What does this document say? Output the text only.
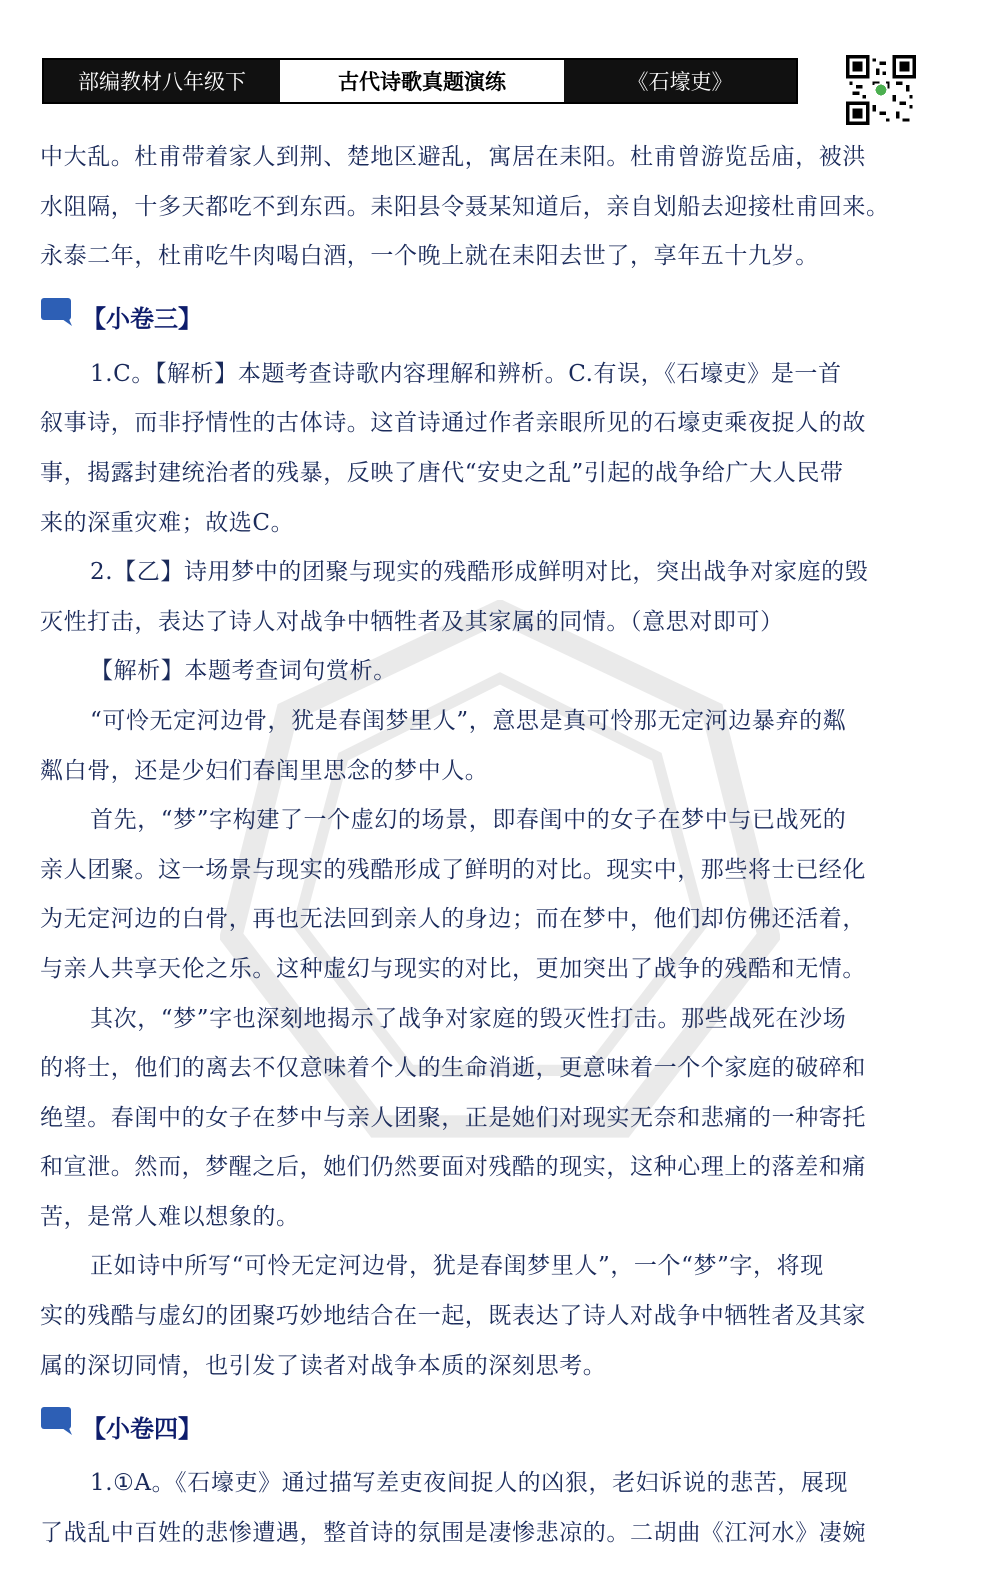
部编教材八年级下	古代诗歌真题演练	《石壕吏》
中大乱。杜甫带着家人到荆、楚地区避乱，寓居在耒阳。杜甫曾游览岳庙，被洪
水阻隔，十多天都吃不到东西。耒阳县令聂某知道后，亲自划船去迎接杜甫回来。
永泰二年，杜甫吃牛肉喝白酒，一个晚上就在耒阳去世了，享年五十九岁。
【小卷三】
1.C。【解析】本题考查诗歌内容理解和辨析。C.有误，《石壕吏》是一首
叙事诗，而非抒情性的古体诗。这首诗通过作者亲眼所见的石壕吏乘夜捉人的故
事，揭露封建统治者的残暴，反映了唐代“安史之乱”引起的战争给广大人民带
来的深重灾难；故选C。
2.【乙】诗用梦中的团聚与现实的残酷形成鲜明对比，突出战争对家庭的毁
灭性打击，表达了诗人对战争中牺牲者及其家属的同情。（意思对即可）
【解析】本题考查词句赏析。
“可怜无定河边骨，犹是春闺梦里人”，意思是真可怜那无定河边暴弃的粼
粼白骨，还是少妇们春闺里思念的梦中人。
首先，“梦”字构建了一个虚幻的场景，即春闺中的女子在梦中与已战死的
亲人团聚。这一场景与现实的残酷形成了鲜明的对比。现实中，那些将士已经化
为无定河边的白骨，再也无法回到亲人的身边；而在梦中，他们却仿佛还活着，
与亲人共享天伦之乐。这种虚幻与现实的对比，更加突出了战争的残酷和无情。
其次，“梦”字也深刻地揭示了战争对家庭的毁灭性打击。那些战死在沙场
的将士，他们的离去不仅意味着个人的生命消逝，更意味着一个个家庭的破碎和
绝望。春闺中的女子在梦中与亲人团聚，正是她们对现实无奈和悲痛的一种寄托
和宣泄。然而，梦醒之后，她们仍然要面对残酷的现实，这种心理上的落差和痛
苦，是常人难以想象的。
正如诗中所写“可怜无定河边骨，犹是春闺梦里人”，一个“梦”字，将现
实的残酷与虚幻的团聚巧妙地结合在一起，既表达了诗人对战争中牺牲者及其家
属的深切同情，也引发了读者对战争本质的深刻思考。
【小卷四】
1.①A。《石壕吏》通过描写差吏夜间捉人的凶狠，老妇诉说的悲苦，展现
了战乱中百姓的悲惨遭遇，整首诗的氛围是凄惨悲凉的。二胡曲《江河水》凄婉
